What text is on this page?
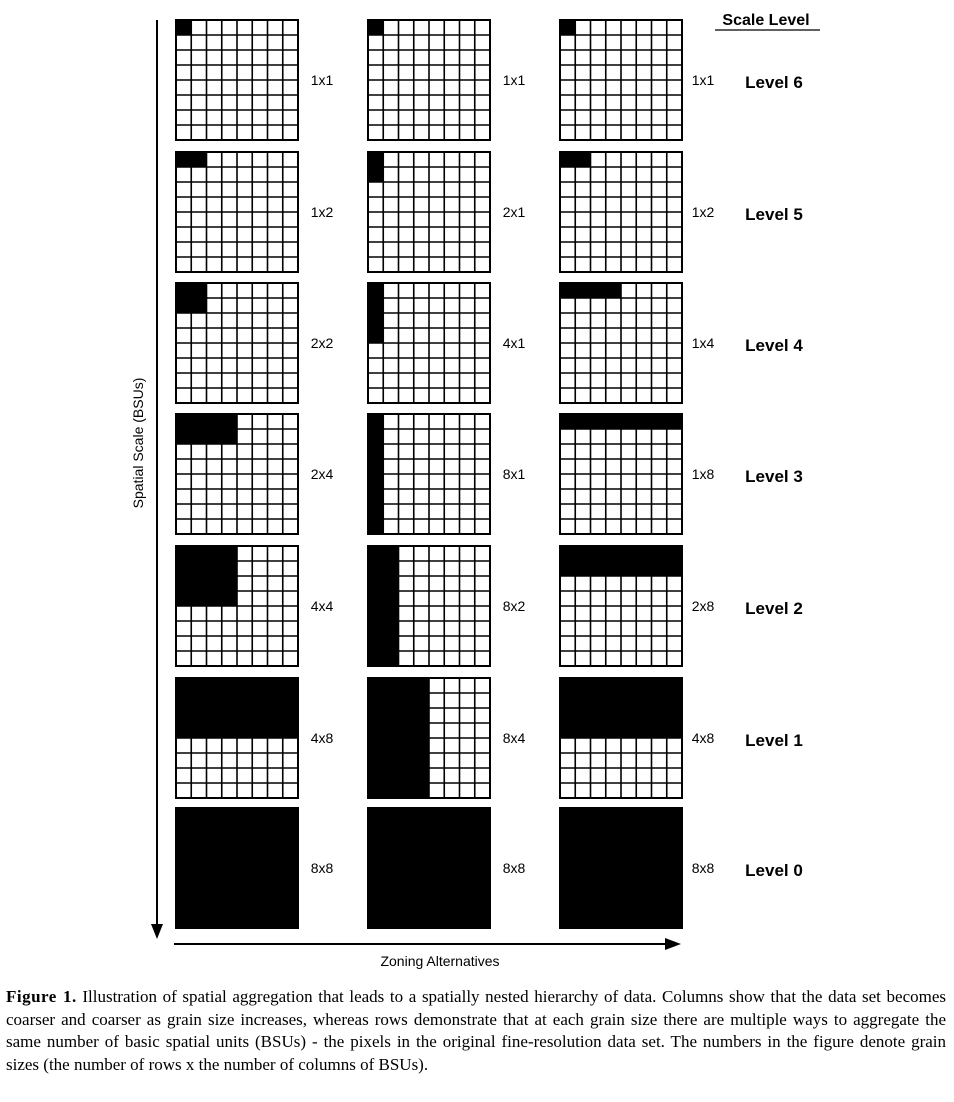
1x1	1x1	1x1 Level 6
1x2	2x1	1x2 Level 5
2x2	4x1	1x4 Level 4
2x4	8x1	1x8 Level 3
4x4	8x2	2x8 Level 2
4x8	8x4	4x8 Level 1
8x8	8x8	8x8 Level 0
Spatial Scale (BSUs)
Zoning Alternatives
Scale Level
Figure 1. Illustration of spatial aggregation that leads to a spatially nested hierarchy of data. Columns show that the data set becomes coarser and coarser as grain size increases, whereas rows demonstrate that at each grain size there are multiple ways to aggregate the same number of basic spatial units (BSUs) - the pixels in the original fine-resolution data set. The numbers in the figure denote grain sizes (the number of rows x the number of columns of BSUs).
